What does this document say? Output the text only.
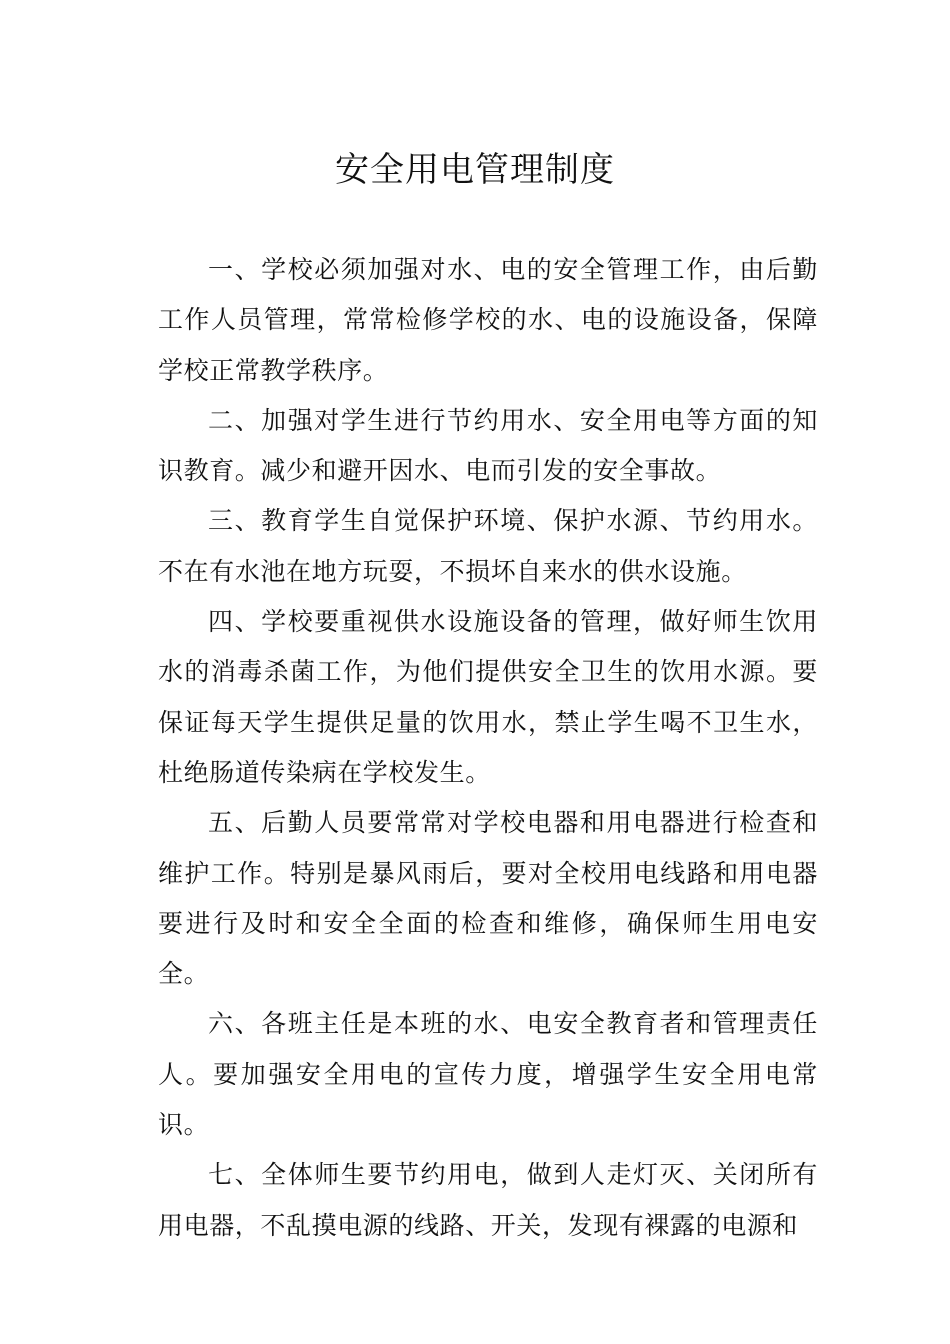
安全用电管理制度

一、学校必须加强对水、电的安全管理工作，由后勤工作人员管理，常常检修学校的水、电的设施设备，保障学校正常教学秩序。

二、加强对学生进行节约用水、安全用电等方面的知识教育。减少和避开因水、电而引发的安全事故。

三、教育学生自觉保护环境、保护水源、节约用水。不在有水池在地方玩耍，不损坏自来水的供水设施。

四、学校要重视供水设施设备的管理，做好师生饮用水的消毒杀菌工作，为他们提供安全卫生的饮用水源。要保证每天学生提供足量的饮用水，禁止学生喝不卫生水，杜绝肠道传染病在学校发生。

五、后勤人员要常常对学校电器和用电器进行检查和维护工作。特别是暴风雨后，要对全校用电线路和用电器要进行及时和安全全面的检查和维修，确保师生用电安全。

六、各班主任是本班的水、电安全教育者和管理责任人。要加强安全用电的宣传力度，增强学生安全用电常识。

七、全体师生要节约用电，做到人走灯灭、关闭所有用电器，不乱摸电源的线路、开关，发现有裸露的电源和
